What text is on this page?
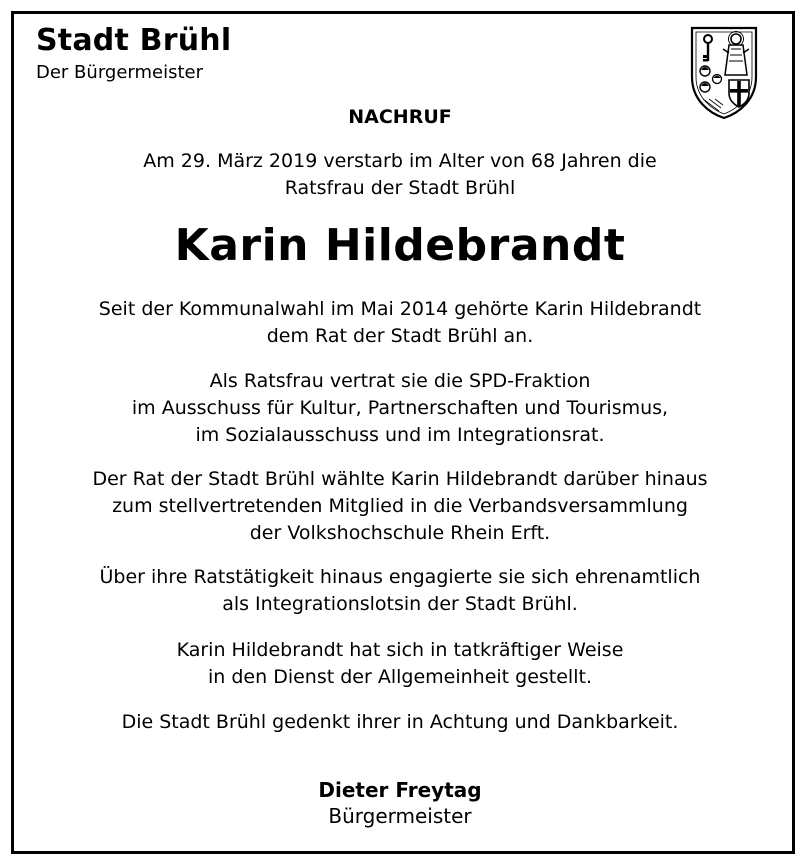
Stadt Brühl
Der Bürgermeister
NACHRUF
Am 29. März 2019 verstarb im Alter von 68 Jahren die
Ratsfrau der Stadt Brühl
Karin Hildebrandt
Seit der Kommunalwahl im Mai 2014 gehörte Karin Hildebrandt
dem Rat der Stadt Brühl an.
Als Ratsfrau vertrat sie die SPD-Fraktion
im Ausschuss für Kultur, Partnerschaften und Tourismus,
im Sozialausschuss und im Integrationsrat.
Der Rat der Stadt Brühl wählte Karin Hildebrandt darüber hinaus
zum stellvertretenden Mitglied in die Verbandsversammlung
der Volkshochschule Rhein Erft.
Über ihre Ratstätigkeit hinaus engagierte sie sich ehrenamtlich
als Integrationslotsin der Stadt Brühl.
Karin Hildebrandt hat sich in tatkräftiger Weise
in den Dienst der Allgemeinheit gestellt.
Die Stadt Brühl gedenkt ihrer in Achtung und Dankbarkeit.
Dieter Freytag
Bürgermeister
